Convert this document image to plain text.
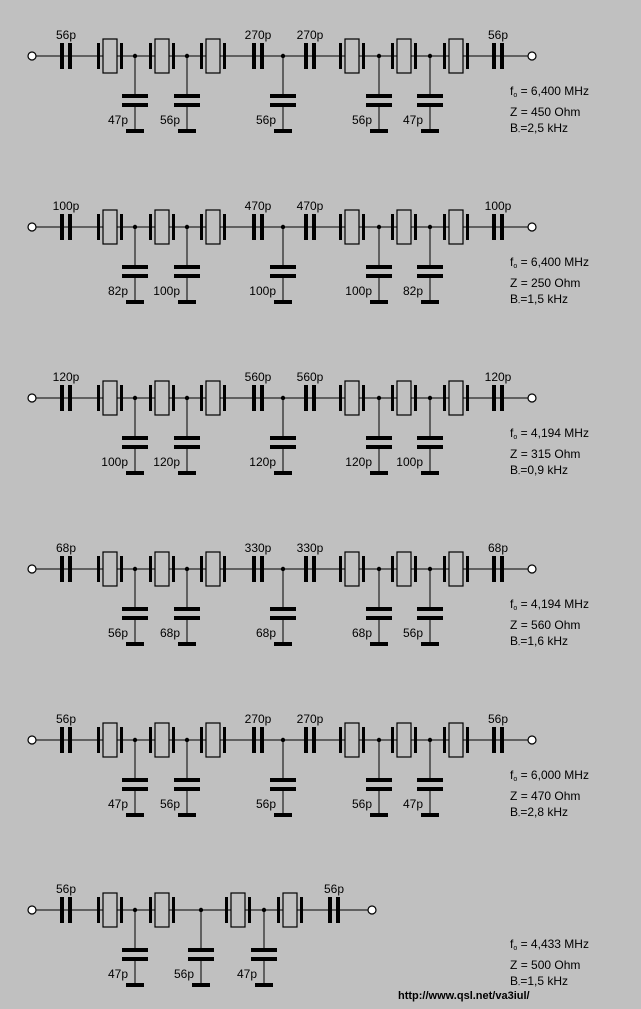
56p	270p 270p	56p
47p	56p	56p	56p	47p
100p	470p 470p	100p
82p 100p	100p	100p	82p
120p	560p 560p	120p
100p 120p	120p	120p 100p
68p	330p 330p	68p
56p	68p	68p	68p	56p
56p	270p 270p	56p
47p	56p	56p	56p	47p
56p	56p
47p	56p	47p
$f_o = 6,400$ MHz
Z = 450 Ohm
$B_-=2,5$ kHz
$f_o = 6,400$ MHz
Z = 250 Ohm
$B_-=1,5$ kHz
$f_o = 4,194$ MHz
Z = 315 Ohm
$B_-=0,9$ kHz
$f_o = 4,194$ MHz
Z = 560 Ohm
$B_-=1,6$ kHz
$f_o = 6,000$ MHz
Z = 470 Ohm
$B_-=2,8$ kHz
$f_o = 4,433$ MHz
Z = 500 Ohm
$B_-=1,5$ kHz
http://www.qsl.net/va3iul/
